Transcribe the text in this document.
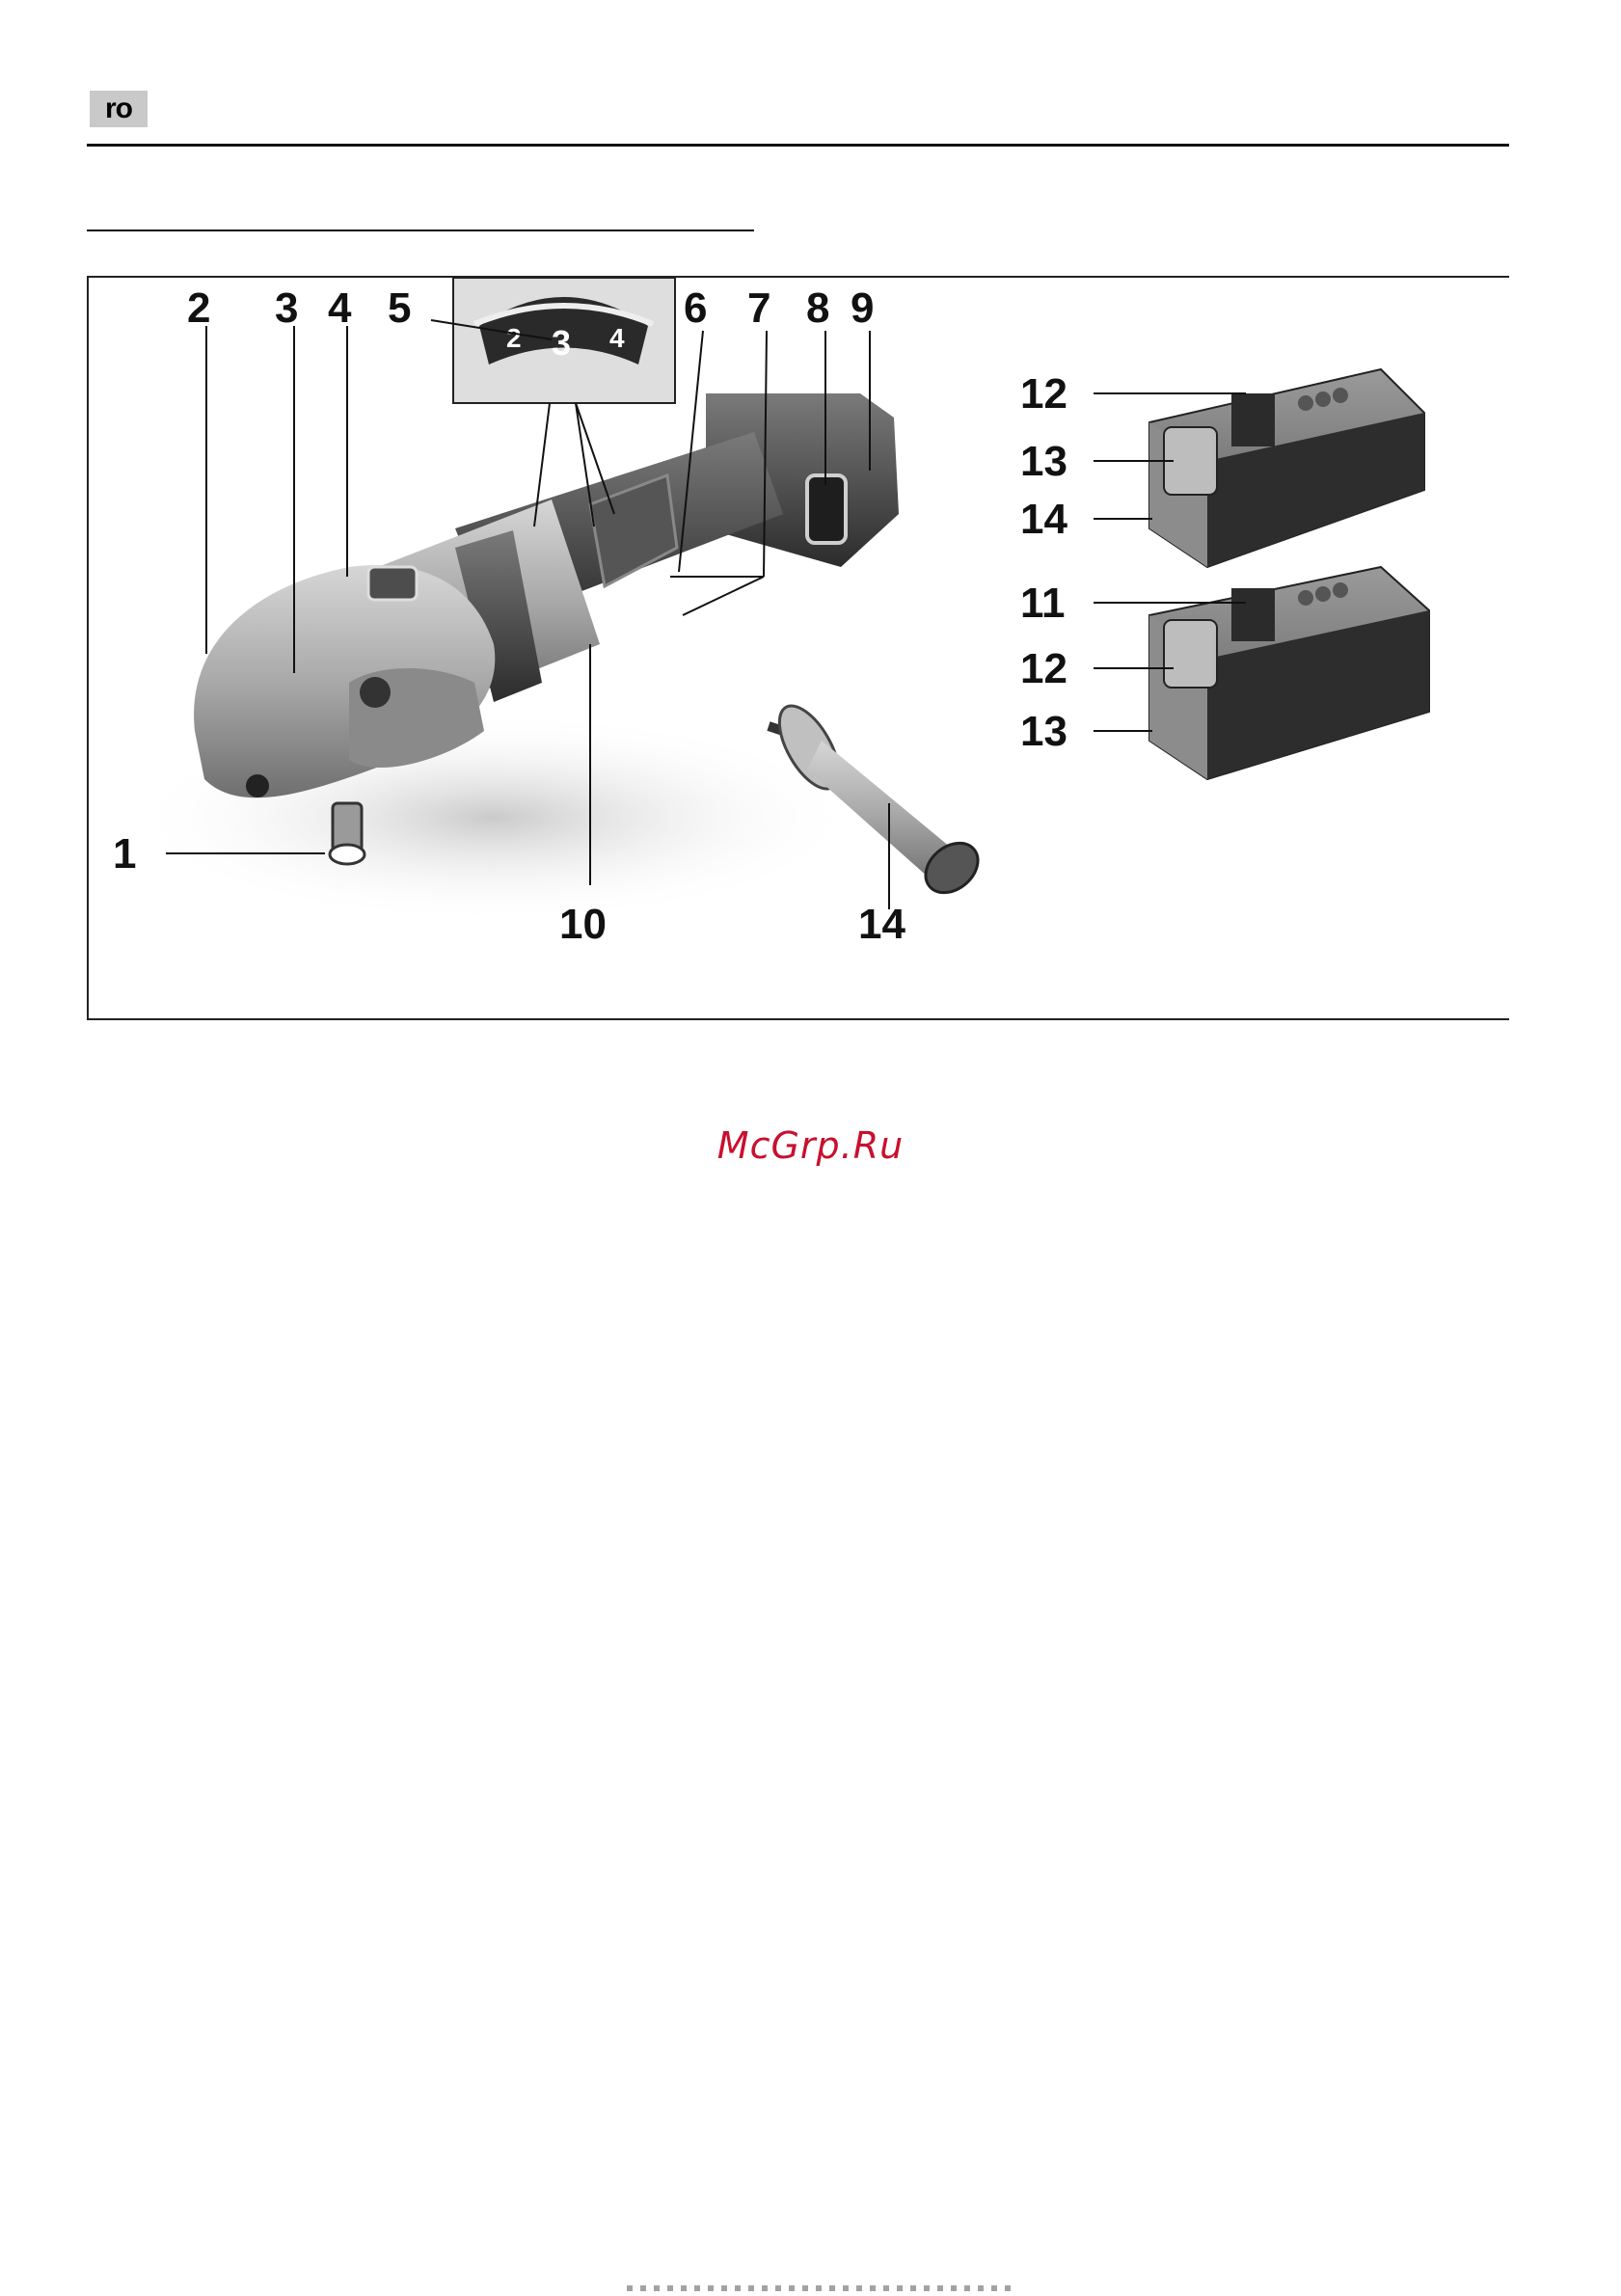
ro
2 3 4
2 3 4 5	6 7 8 9
1
10	14
12
13
14
11
12
13
McGrp.Ru
